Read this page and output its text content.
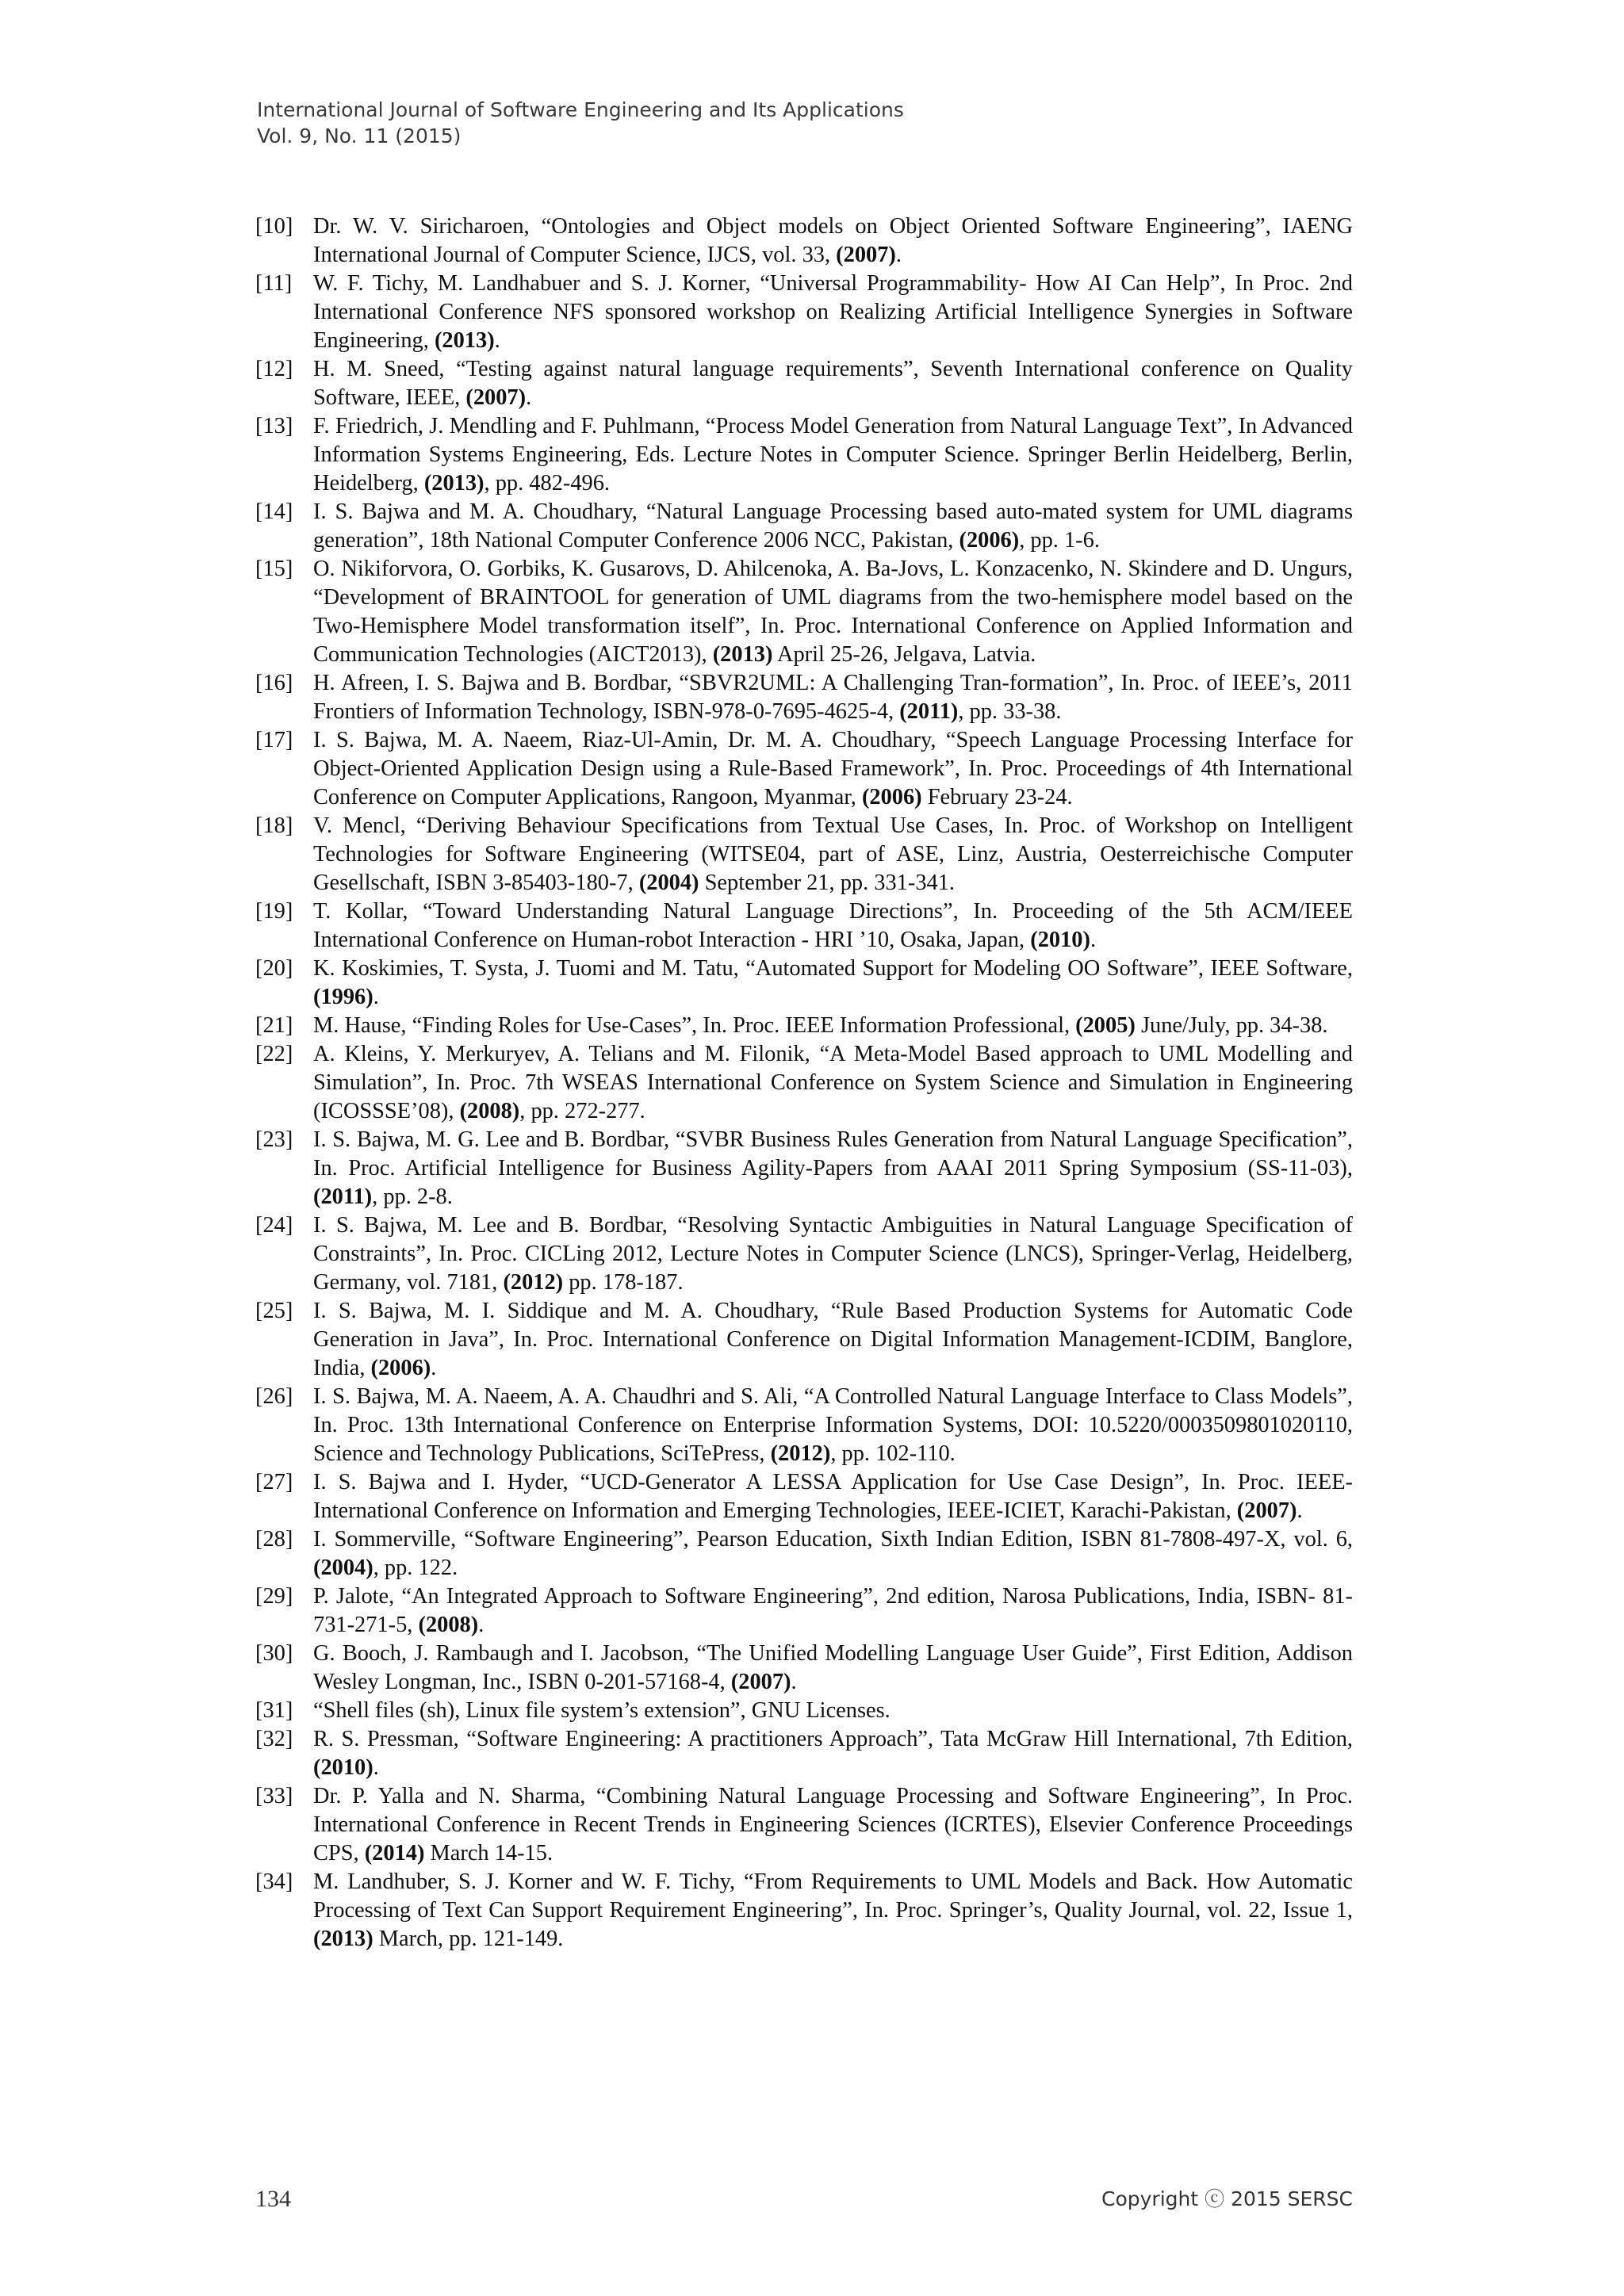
International Journal of Software Engineering and Its Applications
Vol. 9, No. 11 (2015)
[10] Dr. W. V. Siricharoen, “Ontologies and Object models on Object Oriented Software Engineering”, IAENG International Journal of Computer Science, IJCS, vol. 33, (2007).
[11] W. F. Tichy, M. Landhabuer and S. J. Korner, “Universal Programmability- How AI Can Help”, In Proc. 2nd International Conference NFS sponsored workshop on Realizing Artificial Intelligence Synergies in Software Engineering, (2013).
[12] H. M. Sneed, “Testing against natural language requirements”, Seventh International conference on Quality Software, IEEE, (2007).
[13] F. Friedrich, J. Mendling and F. Puhlmann, “Process Model Generation from Natural Language Text”, In Advanced Information Systems Engineering, Eds. Lecture Notes in Computer Science. Springer Berlin Heidelberg, Berlin, Heidelberg, (2013), pp. 482-496.
[14] I. S. Bajwa and M. A. Choudhary, “Natural Language Processing based auto-mated system for UML diagrams generation”, 18th National Computer Conference 2006 NCC, Pakistan, (2006), pp. 1-6.
[15] O. Nikiforvora, O. Gorbiks, K. Gusarovs, D. Ahilcenoka, A. Ba-Jovs, L. Konzacenko, N. Skindere and D. Ungurs, “Development of BRAINTOOL for generation of UML diagrams from the two-hemisphere model based on the Two-Hemisphere Model transformation itself”, In. Proc. International Conference on Applied Information and Communication Technologies (AICT2013), (2013) April 25-26, Jelgava, Latvia.
[16] H. Afreen, I. S. Bajwa and B. Bordbar, “SBVR2UML: A Challenging Tran-formation”, In. Proc. of IEEE’s, 2011 Frontiers of Information Technology, ISBN-978-0-7695-4625-4, (2011), pp. 33-38.
[17] I. S. Bajwa, M. A. Naeem, Riaz-Ul-Amin, Dr. M. A. Choudhary, “Speech Language Processing Interface for Object-Oriented Application Design using a Rule-Based Framework”, In. Proc. Proceedings of 4th International Conference on Computer Applications, Rangoon, Myanmar, (2006) February 23-24.
[18] V. Mencl, “Deriving Behaviour Specifications from Textual Use Cases, In. Proc. of Workshop on Intelligent Technologies for Software Engineering (WITSE04, part of ASE, Linz, Austria, Oesterreichische Computer Gesellschaft, ISBN 3-85403-180-7, (2004) September 21, pp. 331-341.
[19] T. Kollar, “Toward Understanding Natural Language Directions”, In. Proceeding of the 5th ACM/IEEE International Conference on Human-robot Interaction - HRI ’10, Osaka, Japan, (2010).
[20] K. Koskimies, T. Systa, J. Tuomi and M. Tatu, “Automated Support for Modeling OO Software”, IEEE Software, (1996).
[21] M. Hause, “Finding Roles for Use-Cases”, In. Proc. IEEE Information Professional, (2005) June/July, pp. 34-38.
[22] A. Kleins, Y. Merkuryev, A. Telians and M. Filonik, “A Meta-Model Based approach to UML Modelling and Simulation”, In. Proc. 7th WSEAS International Conference on System Science and Simulation in Engineering (ICOSSSE’08), (2008), pp. 272-277.
[23] I. S. Bajwa, M. G. Lee and B. Bordbar, “SVBR Business Rules Generation from Natural Language Specification”, In. Proc. Artificial Intelligence for Business Agility-Papers from AAAI 2011 Spring Symposium (SS-11-03), (2011), pp. 2-8.
[24] I. S. Bajwa, M. Lee and B. Bordbar, “Resolving Syntactic Ambiguities in Natural Language Specification of Constraints”, In. Proc. CICLing 2012, Lecture Notes in Computer Science (LNCS), Springer-Verlag, Heidelberg, Germany, vol. 7181, (2012) pp. 178-187.
[25] I. S. Bajwa, M. I. Siddique and M. A. Choudhary, “Rule Based Production Systems for Automatic Code Generation in Java”, In. Proc. International Conference on Digital Information Management-ICDIM, Banglore, India, (2006).
[26] I. S. Bajwa, M. A. Naeem, A. A. Chaudhri and S. Ali, “A Controlled Natural Language Interface to Class Models”, In. Proc. 13th International Conference on Enterprise Information Systems, DOI: 10.5220/0003509801020110, Science and Technology Publications, SciTePress, (2012), pp. 102-110.
[27] I. S. Bajwa and I. Hyder, “UCD-Generator A LESSA Application for Use Case Design”, In. Proc. IEEE-International Conference on Information and Emerging Technologies, IEEE-ICIET, Karachi-Pakistan, (2007).
[28] I. Sommerville, “Software Engineering”, Pearson Education, Sixth Indian Edition, ISBN 81-7808-497-X, vol. 6, (2004), pp. 122.
[29] P. Jalote, “An Integrated Approach to Software Engineering”, 2nd edition, Narosa Publications, India, ISBN- 81-731-271-5, (2008).
[30] G. Booch, J. Rambaugh and I. Jacobson, “The Unified Modelling Language User Guide”, First Edition, Addison Wesley Longman, Inc., ISBN 0-201-57168-4, (2007).
[31] “Shell files (sh), Linux file system’s extension”, GNU Licenses.
[32] R. S. Pressman, “Software Engineering: A practitioners Approach”, Tata McGraw Hill International, 7th Edition, (2010).
[33] Dr. P. Yalla and N. Sharma, “Combining Natural Language Processing and Software Engineering”, In Proc. International Conference in Recent Trends in Engineering Sciences (ICRTES), Elsevier Conference Proceedings CPS, (2014) March 14-15.
[34] M. Landhuber, S. J. Korner and W. F. Tichy, “From Requirements to UML Models and Back. How Automatic Processing of Text Can Support Requirement Engineering”, In. Proc. Springer’s, Quality Journal, vol. 22, Issue 1, (2013) March, pp. 121-149.
134	Copyright ⓒ 2015 SERSC
